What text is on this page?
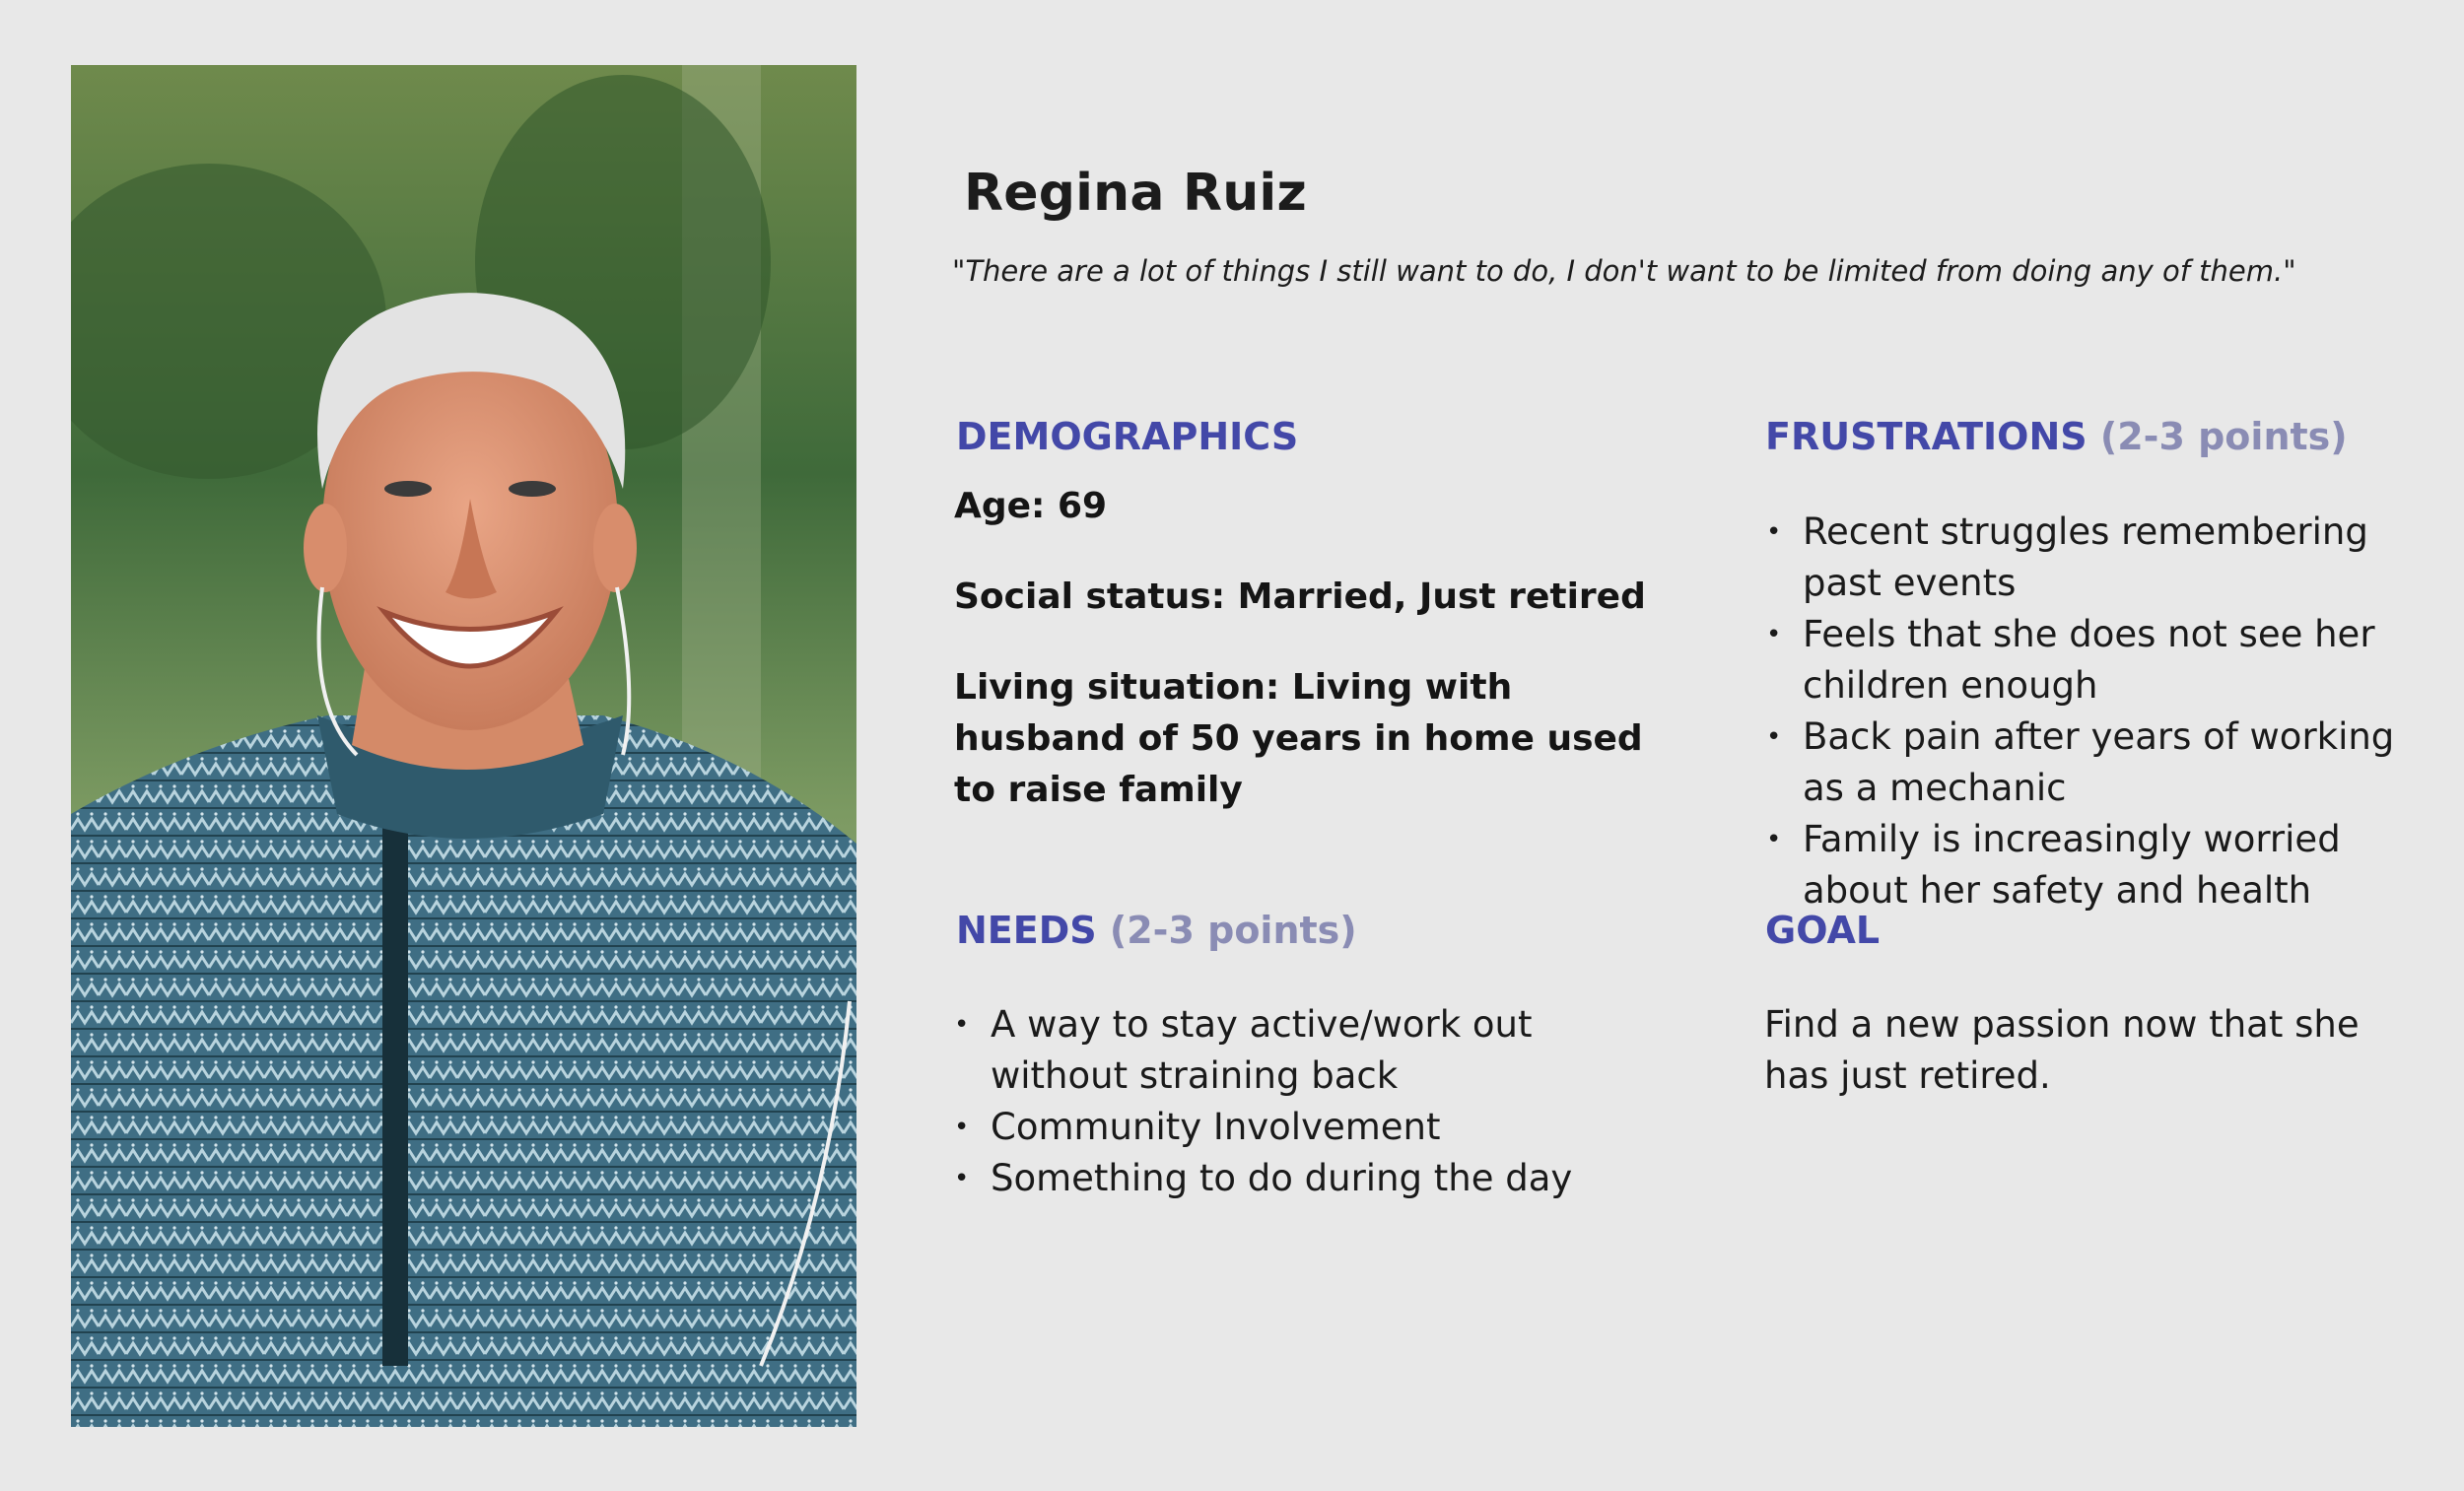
Regina Ruiz

"There are a lot of things I still want to do, I don't want to be limited from doing any of them."

DEMOGRAPHICS

Age: 69

Social status: Married, Just retired

Living situation: Living with husband of 50 years in home used to raise family

FRUSTRATIONS (2-3 points)
• Recent struggles remembering past events
• Feels that she does not see her children enough
• Back pain after years of working as a mechanic
• Family is increasingly worried about her safety and health
NEEDS (2-3 points)
• A way to stay active/work out without straining back
• Community Involvement
• Something to do during the day
GOAL

Find a new passion now that she has just retired.
